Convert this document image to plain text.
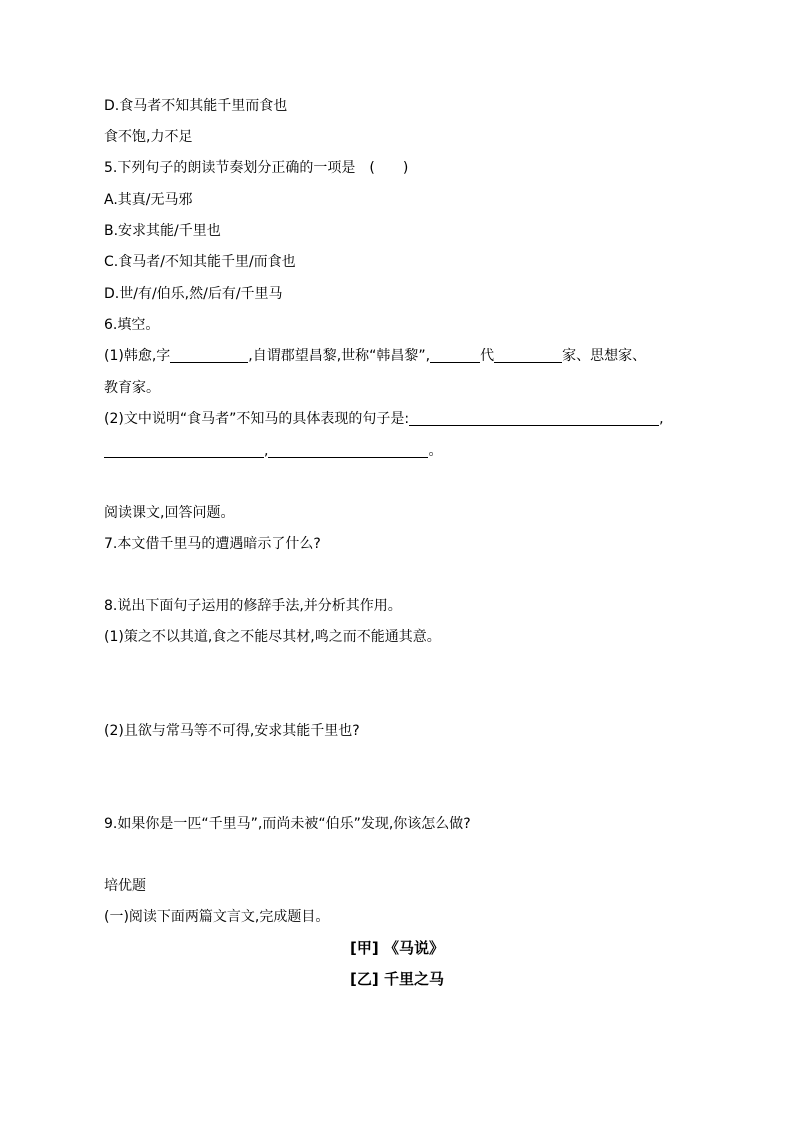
D.食马者不知其能千里而食也
食不饱,力不足
5.下列句子的朗读节奏划分正确的一项是　(　　)
A.其真/无马邪
B.安求其能/千里也
C.食马者/不知其能千里/而食也
D.世/有/伯乐,然/后有/千里马
6.填空。
(1)韩愈,字	,自谓郡望昌黎,世称“韩昌黎”,	代	家、思想家、
教育家。
(2)文中说明“食马者”不知马的具体表现的句子是:	,
,	。
阅读课文,回答问题。
7.本文借千里马的遭遇暗示了什么?
8.说出下面句子运用的修辞手法,并分析其作用。
(1)策之不以其道,食之不能尽其材,鸣之而不能通其意。
(2)且欲与常马等不可得,安求其能千里也?
9.如果你是一匹“千里马”,而尚未被“伯乐”发现,你该怎么做?
培优题
(一)阅读下面两篇文言文,完成题目。
[甲] 《马说》
[乙] 千里之马
